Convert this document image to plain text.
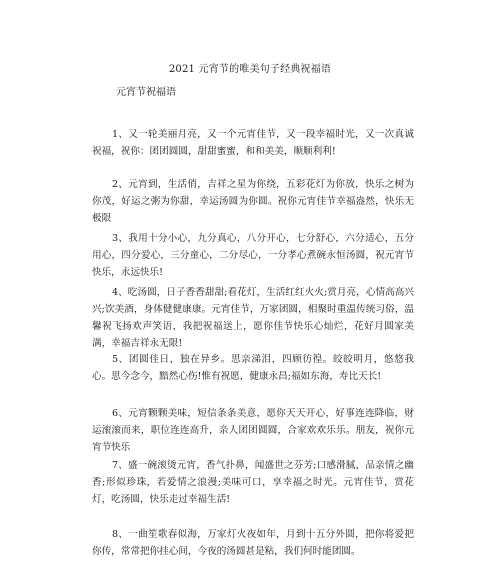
2021 元宵节的唯美句子经典祝福语
元宵节祝福语

1、又一轮美丽月亮，又一个元宵佳节，又一段幸福时光，又一次真诚祝福，祝你：团团圆圆，甜甜蜜蜜，和和美美，顺顺利利!

2、元宵到，生活俏，吉祥之星为你绕，五彩花灯为你放，快乐之树为你茂，好运之粥为你甜，幸运汤圆为你圆。祝你元宵佳节幸福盎然，快乐无极限

3、我用十分小心，九分真心，八分开心，七分舒心，六分适心，五分用心，四分爱心，三分童心，二分尽心，一分孝心煮碗永恒汤圆，祝元宵节快乐，永远快乐!

4、吃汤圆，日子香香甜甜;看花灯，生活红红火火;赏月亮，心情高高兴兴;饮美酒，身体健健康康。元宵佳节，万家团圆，相聚时重温传统习俗，温馨祝飞扬欢声笑语，我把祝福送上，愿你佳节快乐心灿烂，花好月圆家美满，幸福吉祥永无限!

5、团圆佳日，独在异乡。思亲涕泪，四顾彷徨。皎皎明月，悠悠我心。思今念今，黯然心伤!惟有祝愿，健康永昌;福如东海，寿比天长!

6、元宵颗颗美味，短信条条美意，愿你天天开心，好事连连降临，财运滚滚而来，职位连连高升，亲人团团圆圆，合家欢欢乐乐。朋友，祝你元宵节快乐

7、盛一碗滚烫元宵，香气扑鼻，闻盛世之芬芳;口感滑腻，品亲情之幽香;形似珍珠，若爱情之浪漫;美味可口，享幸福之时光。元宵佳节，赏花灯，吃汤圆，快乐走过幸福生活!

8、一曲笙歌春似海，万家灯火夜如年，月到十五分外圆，把你将爱把你传，常常把你挂心间，今夜的汤圆甚是粘，我们何时能团圆。
